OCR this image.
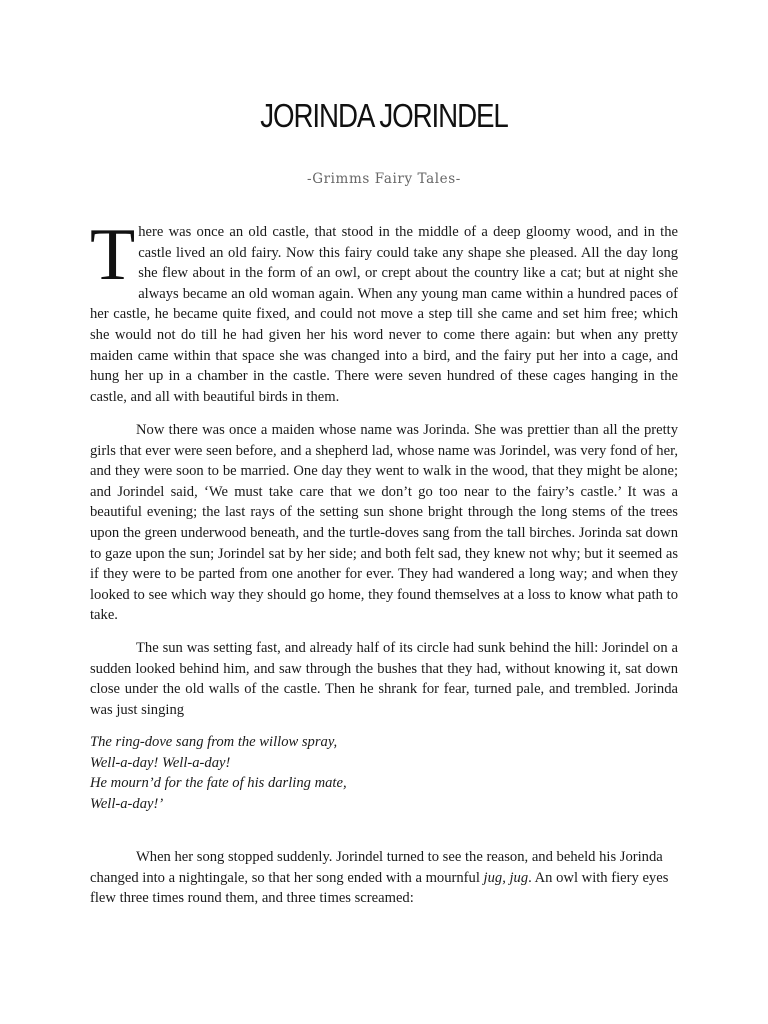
JORINDA JORINDEL

-Grimms Fairy Tales-

There was once an old castle, that stood in the middle of a deep gloomy wood, and in the castle lived an old fairy. Now this fairy could take any shape she pleased. All the day long she flew about in the form of an owl, or crept about the country like a cat; but at night she always became an old woman again. When any young man came within a hundred paces of her castle, he became quite fixed, and could not move a step till she came and set him free; which she would not do till he had given her his word never to come there again: but when any pretty maiden came within that space she was changed into a bird, and the fairy put her into a cage, and hung her up in a chamber in the castle. There were seven hundred of these cages hanging in the castle, and all with beautiful birds in them.

Now there was once a maiden whose name was Jorinda. She was prettier than all the pretty girls that ever were seen before, and a shepherd lad, whose name was Jorindel, was very fond of her, and they were soon to be married. One day they went to walk in the wood, that they might be alone; and Jorindel said, ‘We must take care that we don’t go too near to the fairy’s castle.’ It was a beautiful evening; the last rays of the setting sun shone bright through the long stems of the trees upon the green underwood beneath, and the turtle-doves sang from the tall birches. Jorinda sat down to gaze upon the sun; Jorindel sat by her side; and both felt sad, they knew not why; but it seemed as if they were to be parted from one another for ever. They had wandered a long way; and when they looked to see which way they should go home, they found themselves at a loss to know what path to take.

The sun was setting fast, and already half of its circle had sunk behind the hill: Jorindel on a sudden looked behind him, and saw through the bushes that they had, without knowing it, sat down close under the old walls of the castle. Then he shrank for fear, turned pale, and trembled. Jorinda was just singing

The ring-dove sang from the willow spray,
Well-a-day! Well-a-day!
He mourn’d for the fate of his darling mate,
Well-a-day!’

When her song stopped suddenly. Jorindel turned to see the reason, and beheld his Jorinda changed into a nightingale, so that her song ended with a mournful jug, jug. An owl with fiery eyes flew three times round them, and three times screamed:
